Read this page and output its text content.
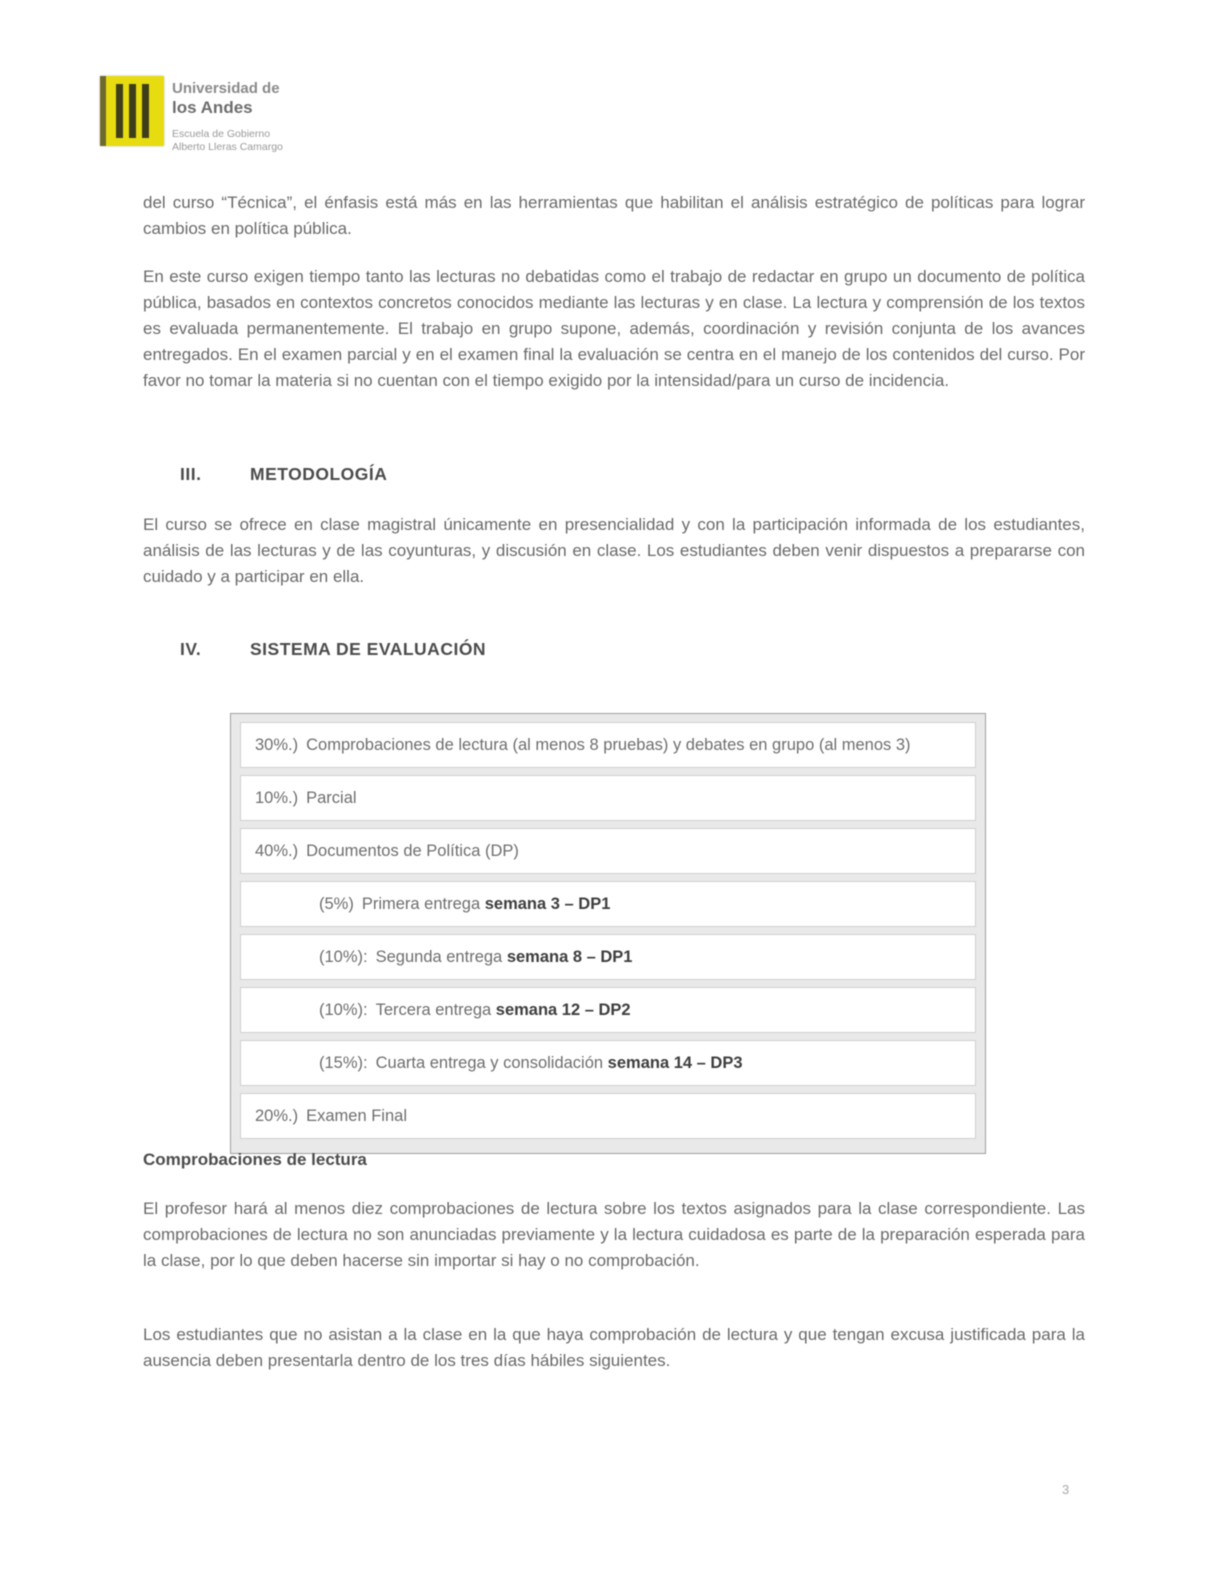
Universidad de
los Andes
Escuela de Gobierno
Alberto Lleras Camargo
del curso “Técnica”, el énfasis está más en las herramientas que habilitan el análisis estratégico de políticas para lograr cambios en política pública.
En este curso exigen tiempo tanto las lecturas no debatidas como el trabajo de redactar en grupo un documento de política pública, basados en contextos concretos conocidos mediante las lecturas y en clase. La lectura y comprensión de los textos es evaluada permanentemente. El trabajo en grupo supone, además, coordinación y revisión conjunta de los avances entregados. En el examen parcial y en el examen final la evaluación se centra en el manejo de los contenidos del curso. Por favor no tomar la materia si no cuentan con el tiempo exigido por la intensidad/para un curso de incidencia.
III.	METODOLOGÍA
El curso se ofrece en clase magistral únicamente en presencialidad y con la participación informada de los estudiantes, análisis de las lecturas y de las coyunturas, y discusión en clase. Los estudiantes deben venir dispuestos a prepararse con cuidado y a participar en ella.
IV.	SISTEMA DE EVALUACIÓN
30%.) Comprobaciones de lectura (al menos 8 pruebas) y debates en grupo (al menos 3)
10%.) Parcial
40%.) Documentos de Política (DP)
(5%) Primera entrega semana 3 – DP1
(10%): Segunda entrega semana 8 – DP1
(10%): Tercera entrega semana 12 – DP2
(15%): Cuarta entrega y consolidación semana 14 – DP3
20%.) Examen Final
Comprobaciones de lectura
El profesor hará al menos diez comprobaciones de lectura sobre los textos asignados para la clase correspondiente. Las comprobaciones de lectura no son anunciadas previamente y la lectura cuidadosa es parte de la preparación esperada para la clase, por lo que deben hacerse sin importar si hay o no comprobación.
Los estudiantes que no asistan a la clase en la que haya comprobación de lectura y que tengan excusa justificada para la ausencia deben presentarla dentro de los tres días hábiles siguientes.
3
